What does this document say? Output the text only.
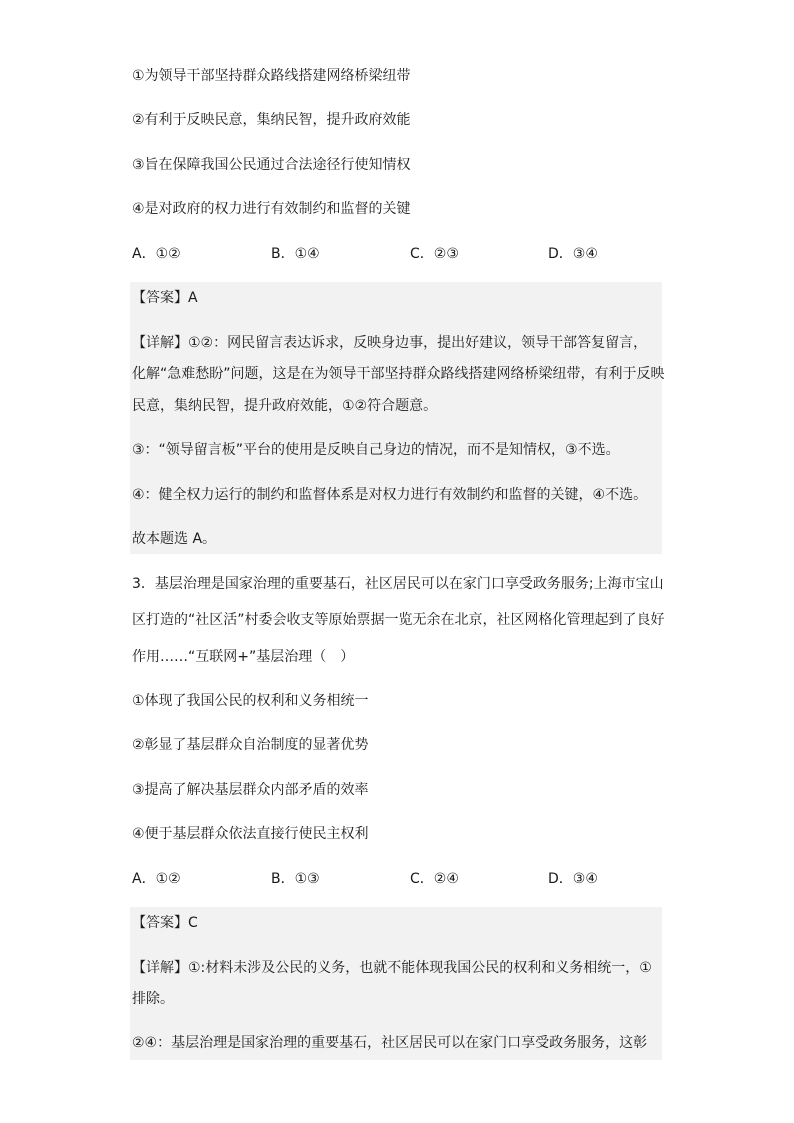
①为领导干部坚持群众路线搭建网络桥梁纽带
②有利于反映民意，集纳民智，提升政府效能
③旨在保障我国公民通过合法途径行使知情权
④是对政府的权力进行有效制约和监督的关键
A．①②	B．①④	C．②③	D．③④
【答案】A
【详解】①②：网民留言表达诉求，反映身边事，提出好建议，领导干部答复留言，
化解“急难愁盼”问题，这是在为领导干部坚持群众路线搭建网络桥梁纽带，有利于反映
民意，集纳民智，提升政府效能，①②符合题意。
③：“领导留言板”平台的使用是反映自己身边的情况，而不是知情权，③不选。
④：健全权力运行的制约和监督体系是对权力进行有效制约和监督的关键，④不选。
故本题选 A。
3．基层治理是国家治理的重要基石，社区居民可以在家门口享受政务服务;上海市宝山
区打造的“社区活”村委会收支等原始票据一览无余在北京，社区网格化管理起到了良好
作用……“互联网+”基层治理（　）
①体现了我国公民的权利和义务相统一
②彰显了基层群众自治制度的显著优势
③提高了解决基层群众内部矛盾的效率
④便于基层群众依法直接行使民主权利
A．①②	B．①③	C．②④	D．③④
【答案】C
【详解】①:材料未涉及公民的义务，也就不能体现我国公民的权利和义务相统一，①
排除。
②④：基层治理是国家治理的重要基石，社区居民可以在家门口享受政务服务，这彰
